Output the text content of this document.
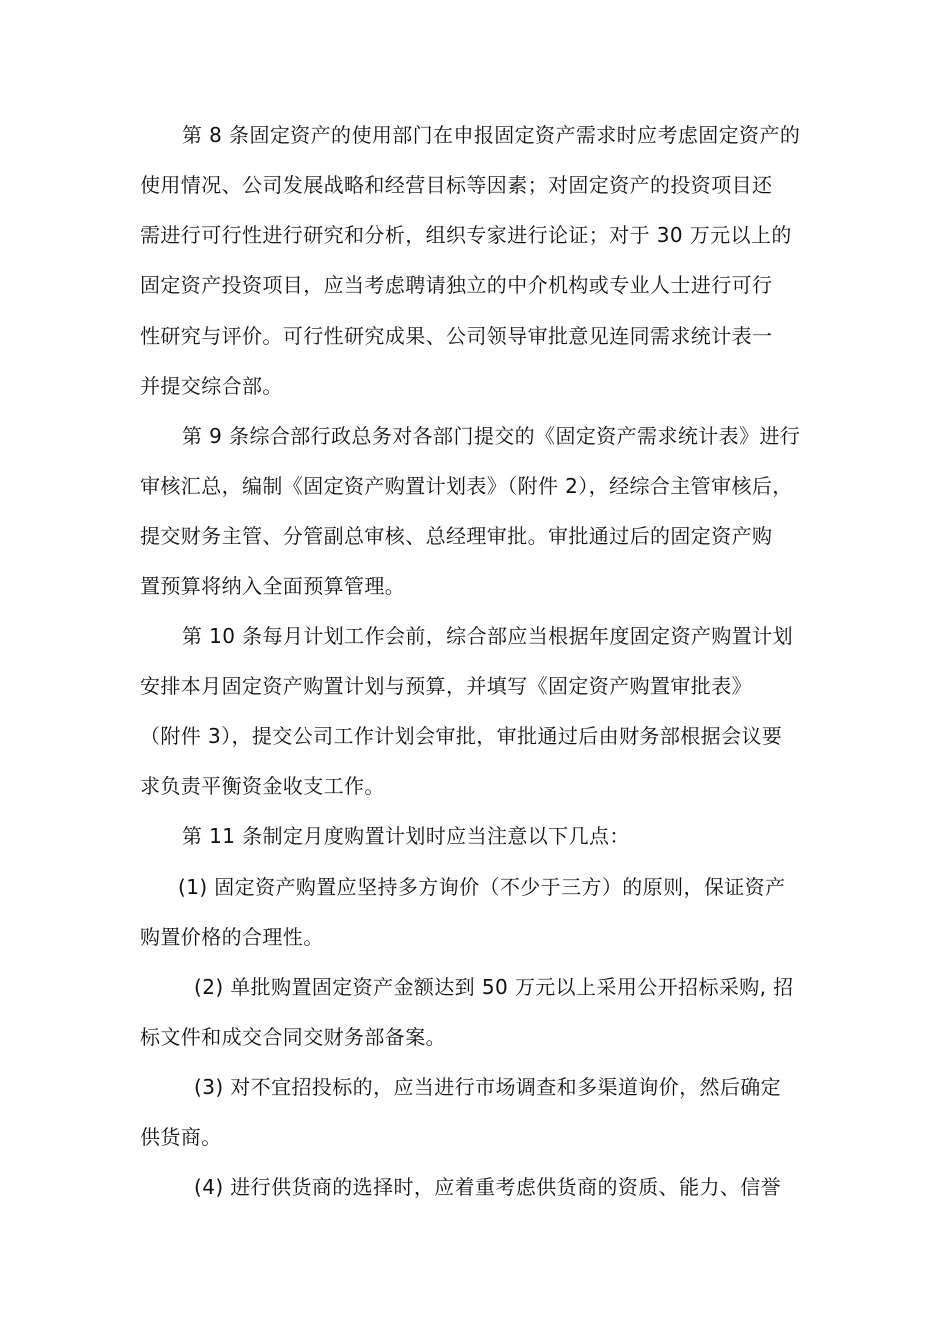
第 8 条固定资产的使用部门在申报固定资产需求时应考虑固定资产的
使用情况、公司发展战略和经营目标等因素；对固定资产的投资项目还
需进行可行性进行研究和分析，组织专家进行论证；对于 30 万元以上的
固定资产投资项目，应当考虑聘请独立的中介机构或专业人士进行可行
性研究与评价。可行性研究成果、公司领导审批意见连同需求统计表一
并提交综合部。
第 9 条综合部行政总务对各部门提交的《固定资产需求统计表》进行
审核汇总，编制《固定资产购置计划表》（附件 2），经综合主管审核后，
提交财务主管、分管副总审核、总经理审批。审批通过后的固定资产购
置预算将纳入全面预算管理。
第 10 条每月计划工作会前，综合部应当根据年度固定资产购置计划
安排本月固定资产购置计划与预算，并填写《固定资产购置审批表》
（附件 3），提交公司工作计划会审批，审批通过后由财务部根据会议要
求负责平衡资金收支工作。
第 11 条制定月度购置计划时应当注意以下几点：
(1) 固定资产购置应坚持多方询价（不少于三方）的原则，保证资产
购置价格的合理性。
(2) 单批购置固定资产金额达到 50 万元以上采用公开招标采购, 招
标文件和成交合同交财务部备案。
(3) 对不宜招投标的，应当进行市场调查和多渠道询价，然后确定
供货商。
(4) 进行供货商的选择时，应着重考虑供货商的资质、能力、信誉
